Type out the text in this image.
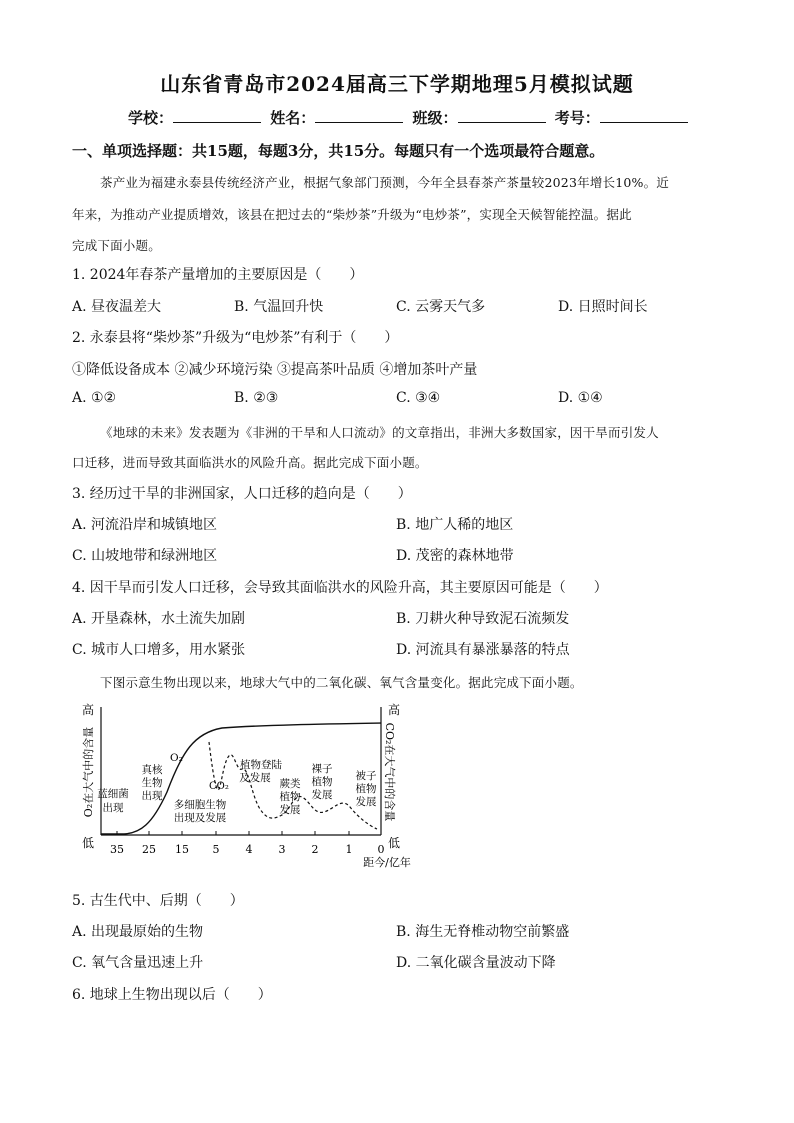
山东省青岛市2024届高三下学期地理5月模拟试题
学校：	姓名：	班级：	考号：
一、单项选择题：共15题，每题3分，共15分。每题只有一个选项最符合题意。
茶产业为福建永泰县传统经济产业，根据气象部门预测，今年全县春茶产茶量较2023年增长10%。近
年来，为推动产业提质增效，该县在把过去的“柴炒茶”升级为“电炒茶”，实现全天候智能控温。据此
完成下面小题。
1. 2024年春茶产量增加的主要原因是（　　）
A. 昼夜温差大	B. 气温回升快	C. 云雾天气多	D. 日照时间长
2. 永泰县将“柴炒茶”升级为“电炒茶”有利于（　　）
①降低设备成本 ②减少环境污染 ③提高茶叶品质 ④增加茶叶产量
A. ①②	B. ②③	C. ③④	D. ①④
《地球的未来》发表题为《非洲的干旱和人口流动》的文章指出，非洲大多数国家，因干旱而引发人
口迁移，进而导致其面临洪水的风险升高。据此完成下面小题。
3. 经历过干旱的非洲国家，人口迁移的趋向是（　　）
A. 河流沿岸和城镇地区	B. 地广人稀的地区
C. 山坡地带和绿洲地区	D. 茂密的森林地带
4. 因干旱而引发人口迁移，会导致其面临洪水的风险升高，其主要原因可能是（　　）
A. 开垦森林，水土流失加剧	B. 刀耕火种导致泥石流频发
C. 城市人口增多，用水紧张	D. 河流具有暴涨暴落的特点
下图示意生物出现以来，地球大气中的二氧化碳、氧气含量变化。据此完成下面小题。
高
低
高
低
O₂在大气中的含量	CO₂在大气中的含量
35 25 15 5 4 3 2 1 0
距今/亿年
O₂
CO₂
蓝细菌
出现
真核
生物
出现
多细胞生物
出现及发展
植物登陆
及发展 蕨类
植物
发展
裸子
植物
发展
被子
植物
发展
5. 古生代中、后期（　　）
A. 出现最原始的生物	B. 海生无脊椎动物空前繁盛
C. 氧气含量迅速上升	D. 二氧化碳含量波动下降
6. 地球上生物出现以后（　　）
